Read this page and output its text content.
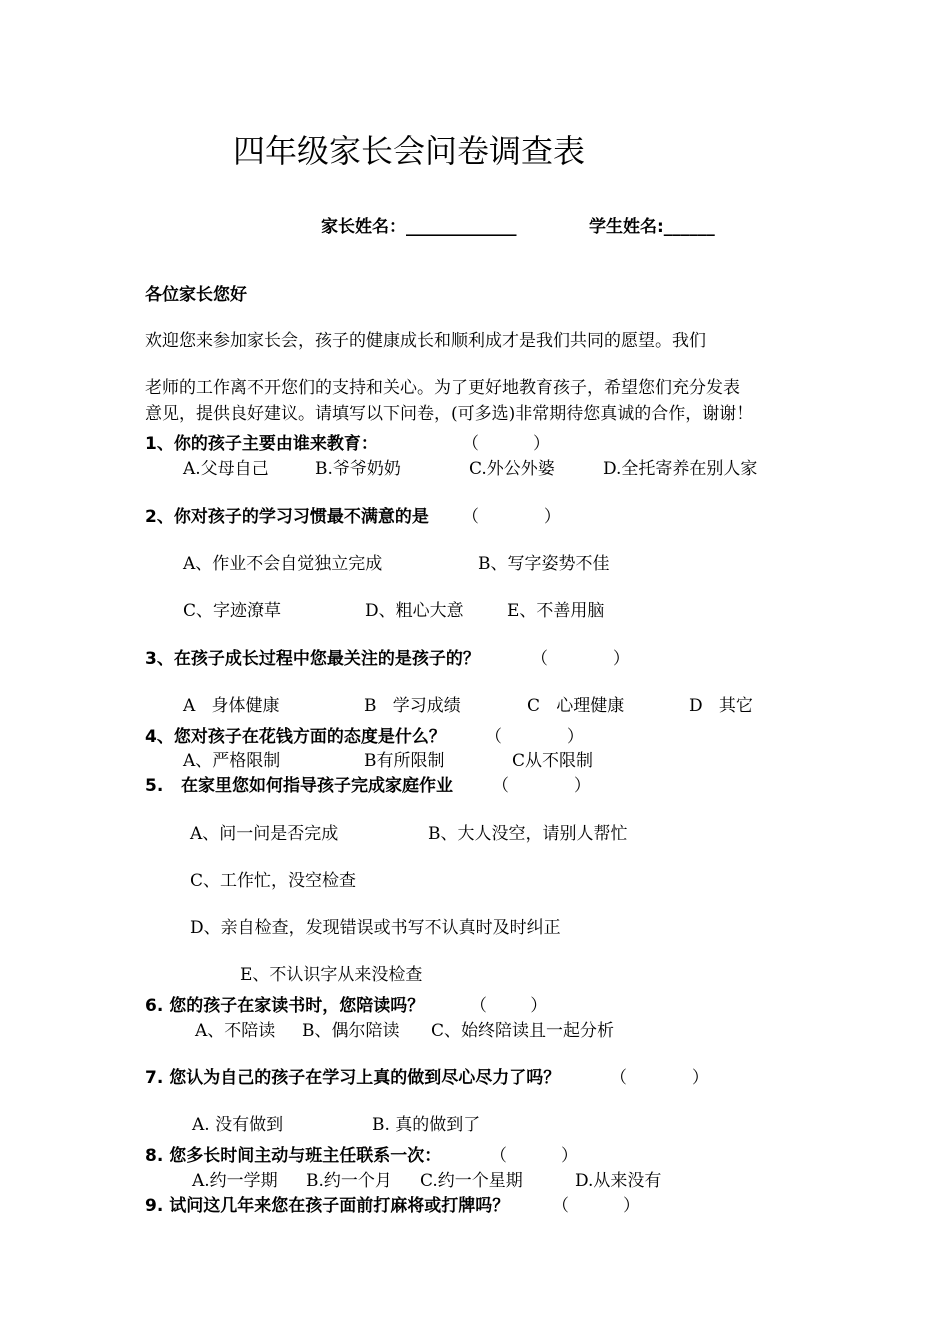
四年级家长会问卷调查表
家长姓名：_____________	学生姓名:______
各位家长您好
欢迎您来参加家长会，孩子的健康成长和顺利成才是我们共同的愿望。我们
老师的工作离不开您们的支持和关心。为了更好地教育孩子，希望您们充分发表
意见，提供良好建议。请填写以下问卷，(可多选)非常期待您真诚的合作，谢谢！
1、你的孩子主要由谁来教育：	（          ）
A.父母自己	B.爷爷奶奶	C.外公外婆	D.全托寄养在别人家
2、你对孩子的学习习惯最不满意的是 （            ）
A、作业不会自觉独立完成	B、写字姿势不佳
C、字迹潦草	D、粗心大意	E、不善用脑
3、在孩子成长过程中您最关注的是孩子的？	（            ）
A   身体健康	B   学习成绩	C   心理健康	D   其它
4、您对孩子在花钱方面的态度是什么？ （            ）
A、严格限制	B有所限制	C从不限制
5.   在家里您如何指导孩子完成家庭作业 （            ）
A、问一问是否完成	B、大人没空，请别人帮忙
C、工作忙，没空检查
D、亲自检查，发现错误或书写不认真时及时纠正
E、不认识字从来没检查
6. 您的孩子在家读书时，您陪读吗？	（        ）
A、不陪读 B、偶尔陪读 C、始终陪读且一起分析
7. 您认为自己的孩子在学习上真的做到尽心尽力了吗？	（            ）
A. 没有做到	B. 真的做到了
8. 您多长时间主动与班主任联系一次：	（          ）
A.约一学期 B.约一个月 C.约一个星期	D.从来没有
9. 试问这几年来您在孩子面前打麻将或打牌吗？	（          ）
